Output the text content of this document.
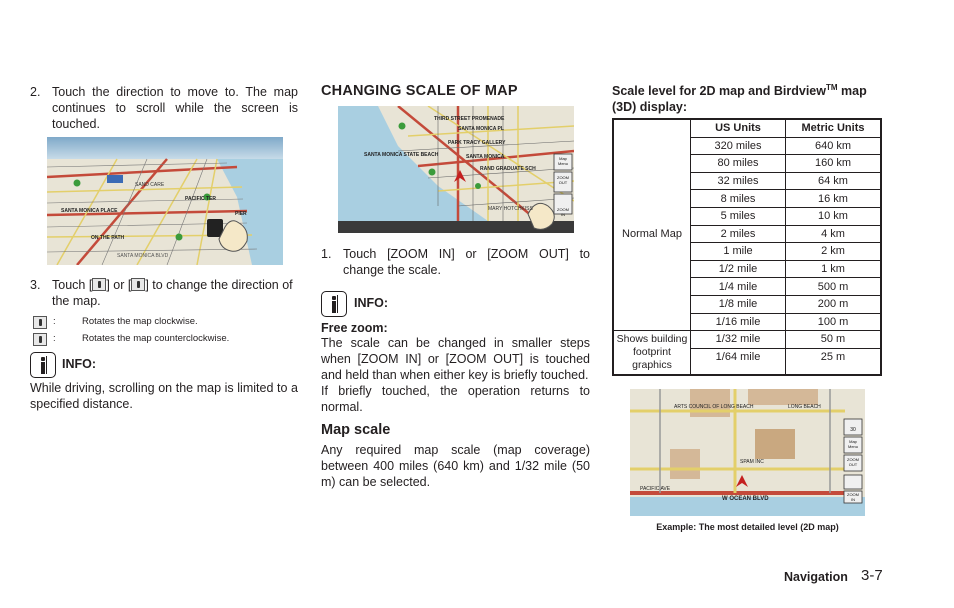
2. Touch the direction to move to. The map continues to scroll while the screen is touched.
SAND CARE
SANTA MONICA PLACE
PACIFIC TER
PIER
ON THE PATH
SANTA MONICA BLVD
3. Touch [ ] or [ ] to change the direction of the map.
:	Rotates the map clockwise.
:	Rotates the map counterclockwise.
INFO:
While driving, scrolling on the map is limited to a specified distance.
CHANGING SCALE OF MAP
THIRD STREET PROMENADE
SANTA MONICA PL
PARK TRACY GALLERY
SANTA MONICA STATE BEACH	SANTA MONICA
RAND GRADUATE SCH
MARY HOTCHKISS
Map Menu
ZOOM OUT
ZOOM IN
1. Touch [ZOOM IN] or [ZOOM OUT] to change the scale.
INFO:
Free zoom:
The scale can be changed in smaller steps when [ZOOM IN] or [ZOOM OUT] is touched and held than when either key is briefly touched.
If briefly touched, the operation returns to normal.
Map scale
Any required map scale (map coverage) between 400 miles (640 km) and 1/32 mile (50 m) can be selected.
Scale level for 2D map and Birdview™ map (3D) display:
	US Units	Metric Units
Normal Map	320 miles	640 km
	80 miles	160 km
	32 miles	64 km
	8 miles	16 km
	5 miles	10 km
	2 miles	4 km
	1 mile	2 km
	1/2 mile	1 km
	1/4 mile	500 m
	1/8 mile	200 m
	1/16 mile	100 m
Shows building footprint graphics	1/32 mile	50 m
	1/64 mile	25 m
ARTS COUNCIL OF LONG BEACH	LONG BEACH
PACIFIC AVE
SPAM INC
W OCEAN BLVD
30
Map Menu
ZOOM OUT
ZOOM IN
Example: The most detailed level (2D map)
Navigation 3-7
